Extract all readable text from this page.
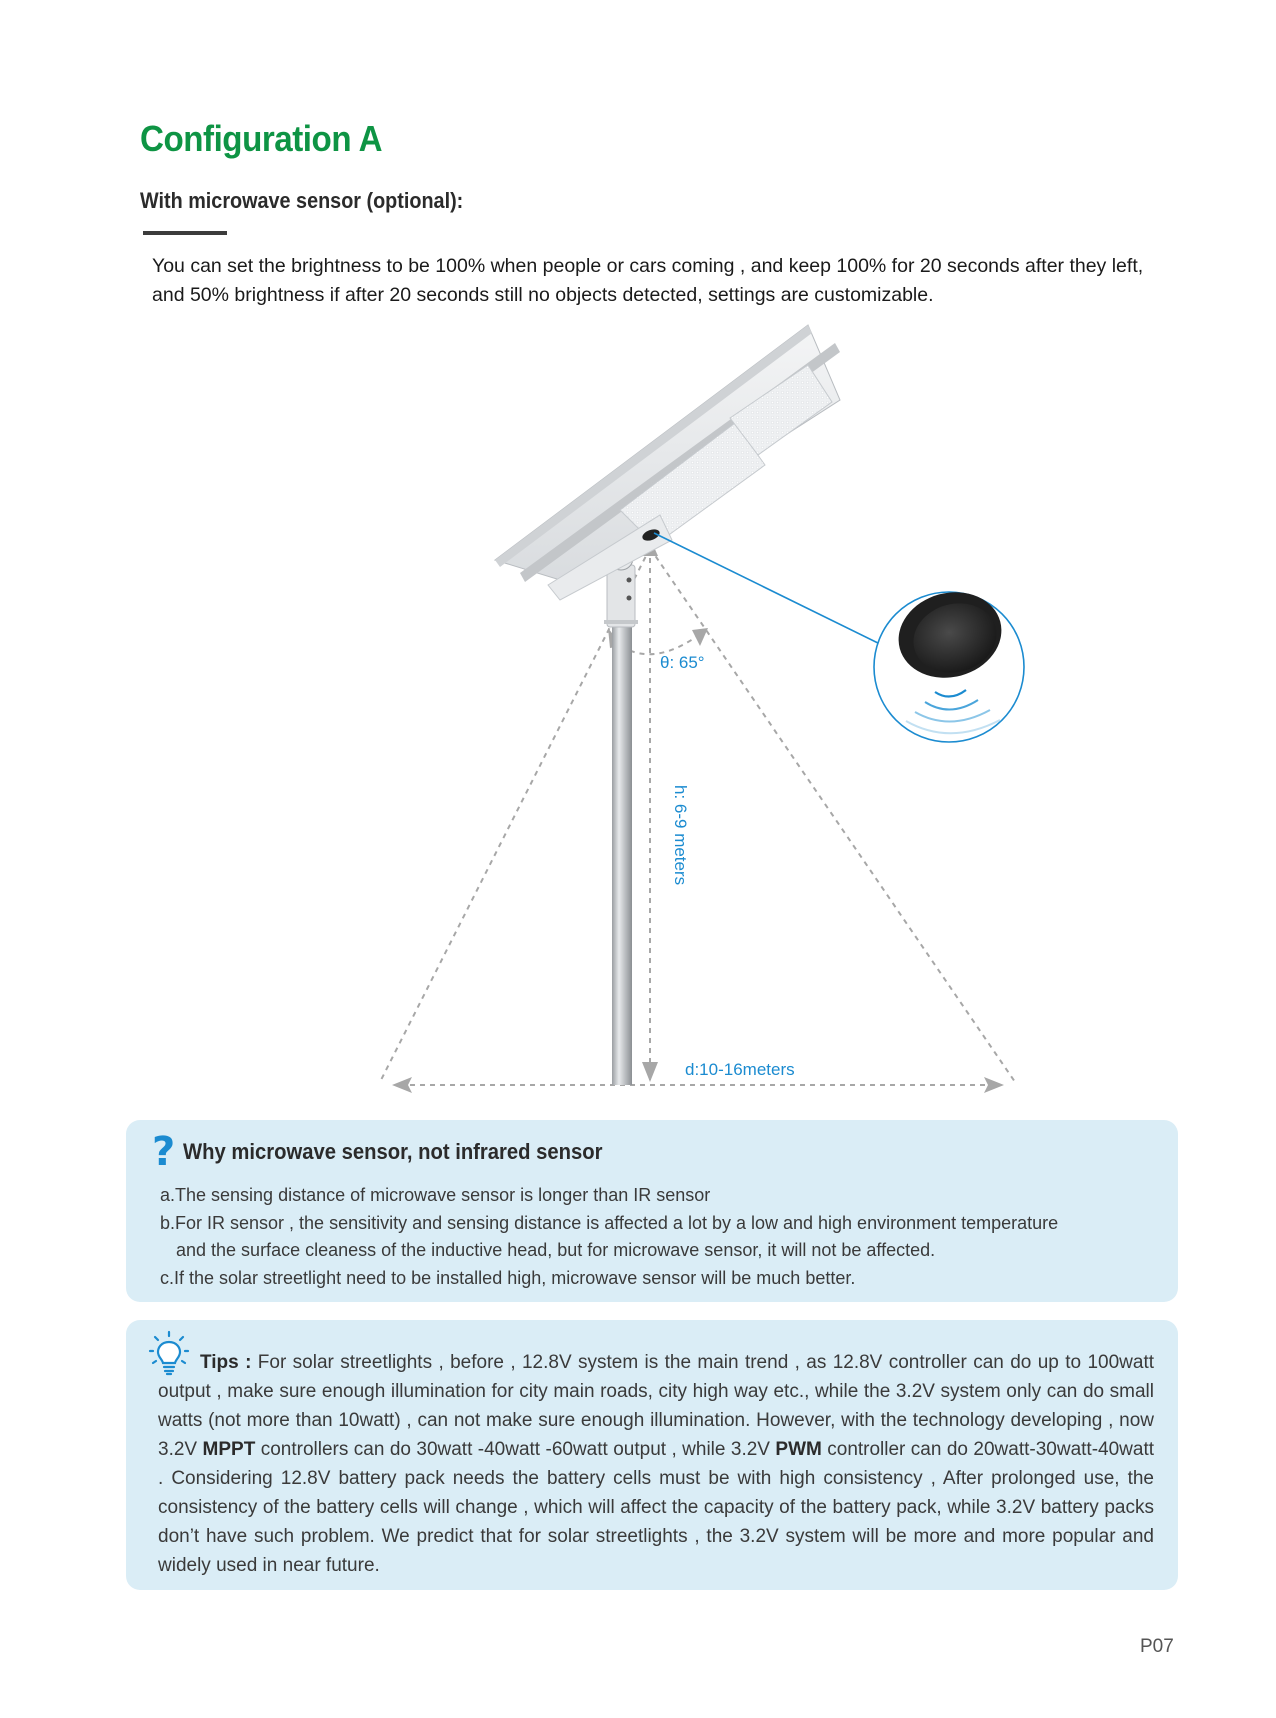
Configuration A
With microwave sensor (optional):

You can set the brightness to be 100% when people or cars coming , and keep 100% for 20 seconds after they left, and 50% brightness if after 20 seconds still no objects detected, settings are customizable.

θ: 65°
h: 6-9 meters
d:10-16meters
? Why microwave sensor, not infrared sensor
a.The sensing distance of microwave sensor is longer than IR sensor
b.For IR sensor , the sensitivity and sensing distance is affected a lot by a low and high environment temperature
and the surface cleaness of the inductive head, but for microwave sensor, it will not be affected.
c.If the solar streetlight need to be installed high, microwave sensor will be much better.

Tips : For solar streetlights , before , 12.8V system is the main trend , as 12.8V controller can do up to 100watt output , make sure enough illumination for city main roads, city high way etc., while the 3.2V system only can do small watts (not more than 10watt) , can not make sure enough illumination. However, with the technology developing , now 3.2V MPPT controllers can do 30watt -40watt -60watt output , while 3.2V PWM controller can do 20watt-30watt-40watt . Considering 12.8V battery pack needs the battery cells must be with high consistency , After prolonged use, the consistency of the battery cells will change , which will affect the capacity of the battery pack, while 3.2V battery packs don’t have such problem. We predict that for solar streetlights , the 3.2V system will be more and more popular and widely used in near future.

P07
